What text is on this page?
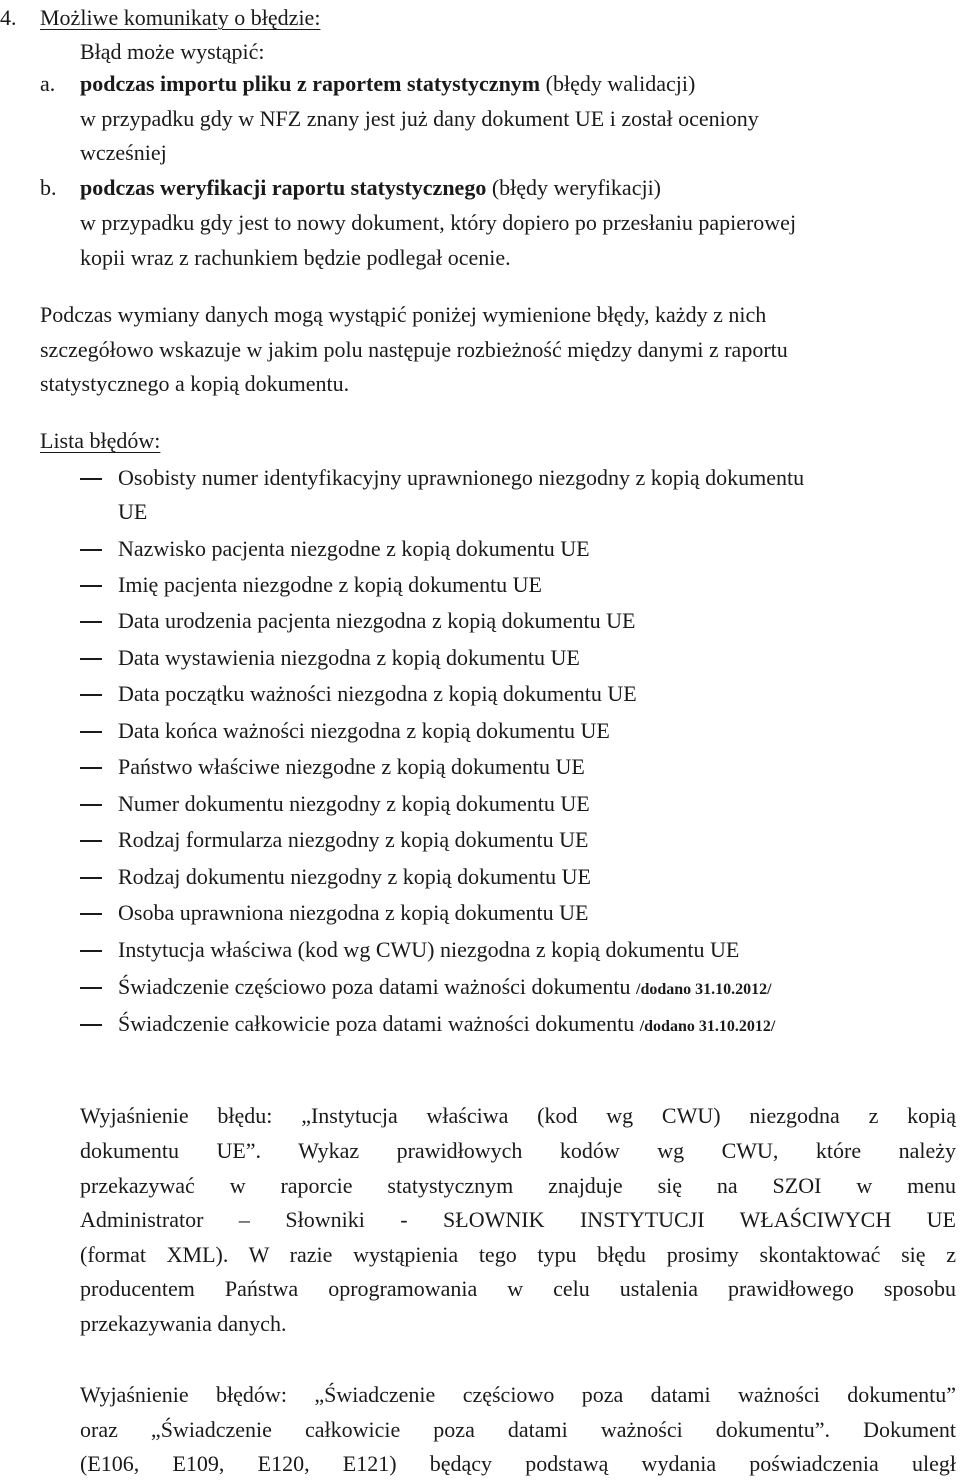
4. Możliwe komunikaty o błędzie:
Błąd może wystąpić:
a. podczas importu pliku z raportem statystycznym (błędy walidacji)
w przypadku gdy w NFZ znany jest już dany dokument UE i został oceniony
wcześniej
b. podczas weryfikacji raportu statystycznego (błędy weryfikacji)
w przypadku gdy jest to nowy dokument, który dopiero po przesłaniu papierowej
kopii wraz z rachunkiem będzie podlegał ocenie.
Podczas wymiany danych mogą wystąpić poniżej wymienione błędy, każdy z nich
szczegółowo wskazuje w jakim polu następuje rozbieżność między danymi z raportu
statystycznego a kopią dokumentu.
Lista błędów:
Osobisty numer identyfikacyjny uprawnionego niezgodny z kopią dokumentu
UE
Nazwisko pacjenta niezgodne z kopią dokumentu UE
Imię pacjenta niezgodne z kopią dokumentu UE
Data urodzenia pacjenta niezgodna z kopią dokumentu UE
Data wystawienia niezgodna z kopią dokumentu UE
Data początku ważności niezgodna z kopią dokumentu UE
Data końca ważności niezgodna z kopią dokumentu UE
Państwo właściwe niezgodne z kopią dokumentu UE
Numer dokumentu niezgodny z kopią dokumentu UE
Rodzaj formularza niezgodny z kopią dokumentu UE
Rodzaj dokumentu niezgodny z kopią dokumentu UE
Osoba uprawniona niezgodna z kopią dokumentu UE
Instytucja właściwa (kod wg CWU) niezgodna z kopią dokumentu UE
Świadczenie częściowo poza datami ważności dokumentu /dodano 31.10.2012/
Świadczenie całkowicie poza datami ważności dokumentu /dodano 31.10.2012/
Wyjaśnienie błędu: „Instytucja właściwa (kod wg CWU) niezgodna z kopią
dokumentu UE”. Wykaz prawidłowych kodów wg CWU, które należy
przekazywać w raporcie statystycznym znajduje się na SZOI w menu
Administrator – Słowniki - SŁOWNIK INSTYTUCJI WŁAŚCIWYCH UE
(format XML). W razie wystąpienia tego typu błędu prosimy skontaktować się z
producentem Państwa oprogramowania w celu ustalenia prawidłowego sposobu
przekazywania danych.
Wyjaśnienie błędów: „Świadczenie częściowo poza datami ważności dokumentu”
oraz „Świadczenie całkowicie poza datami ważności dokumentu”. Dokument
(E106, E109, E120, E121) będący podstawą wydania poświadczenia uległ
